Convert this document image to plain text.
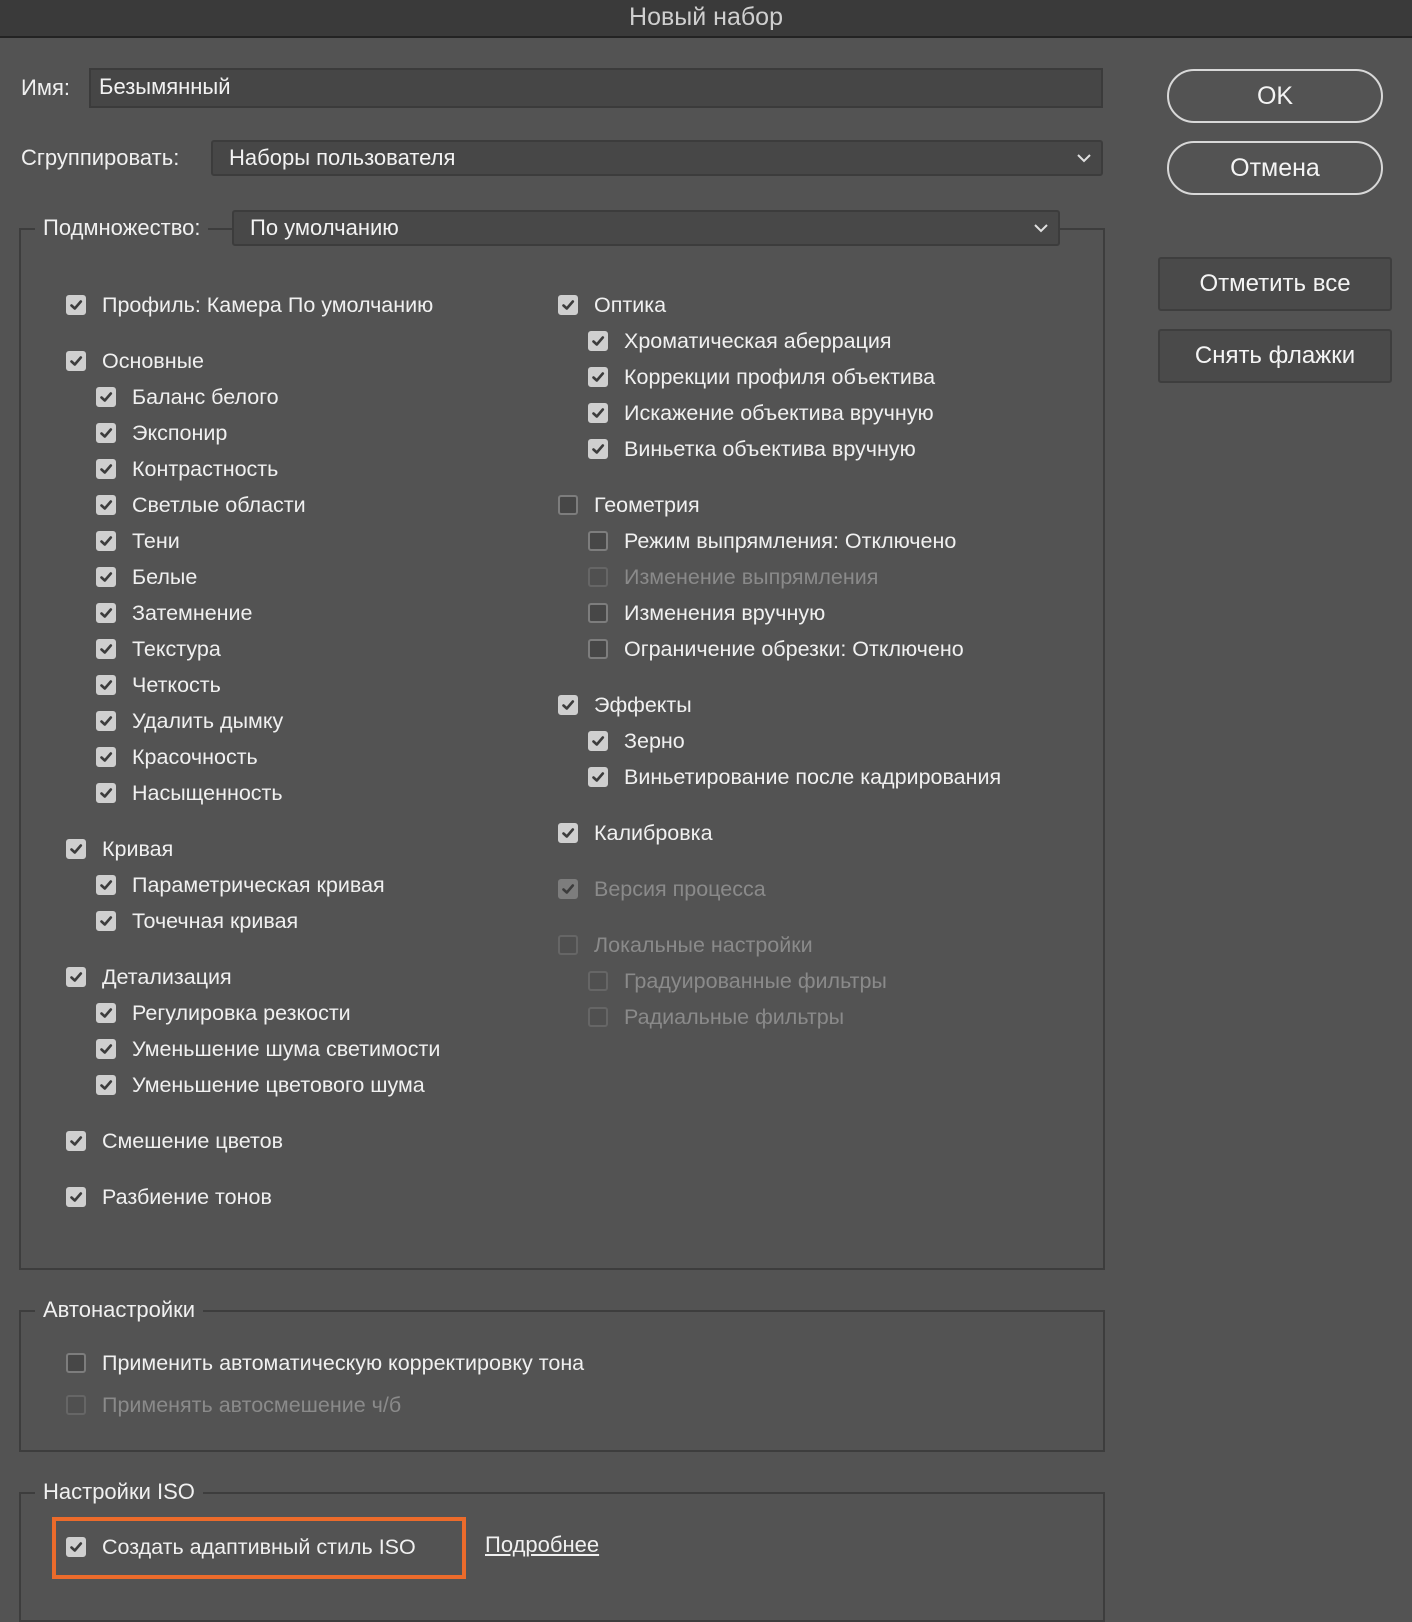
Новый набор
Имя:	Безымянный
Сгруппировать:	Наборы пользователя
OK
Отмена
Отметить все
Снять флажки
Подмножество:	По умолчанию
Автонастройки
Настройки ISO
Создать адаптивный стиль ISO	Подробнее
Профиль: Камера По умолчанию
Основные
Баланс белого
Экспонир
Контрастность
Светлые области
Тени
Белые
Затемнение
Текстура
Четкость
Удалить дымку
Красочность
Насыщенность
Кривая
Параметрическая кривая
Точечная кривая
Детализация
Регулировка резкости
Уменьшение шума светимости
Уменьшение цветового шума
Смешение цветов
Разбиение тонов
Оптика
Хроматическая аберрация
Коррекции профиля объектива
Искажение объектива вручную
Виньетка объектива вручную
Геометрия
Режим выпрямления: Отключено
Изменение выпрямления
Изменения вручную
Ограничение обрезки: Отключено
Эффекты
Зерно
Виньетирование после кадрирования
Калибровка
Версия процесса
Локальные настройки
Градуированные фильтры
Радиальные фильтры
Применить автоматическую корректировку тона
Применять автосмешение ч/б
